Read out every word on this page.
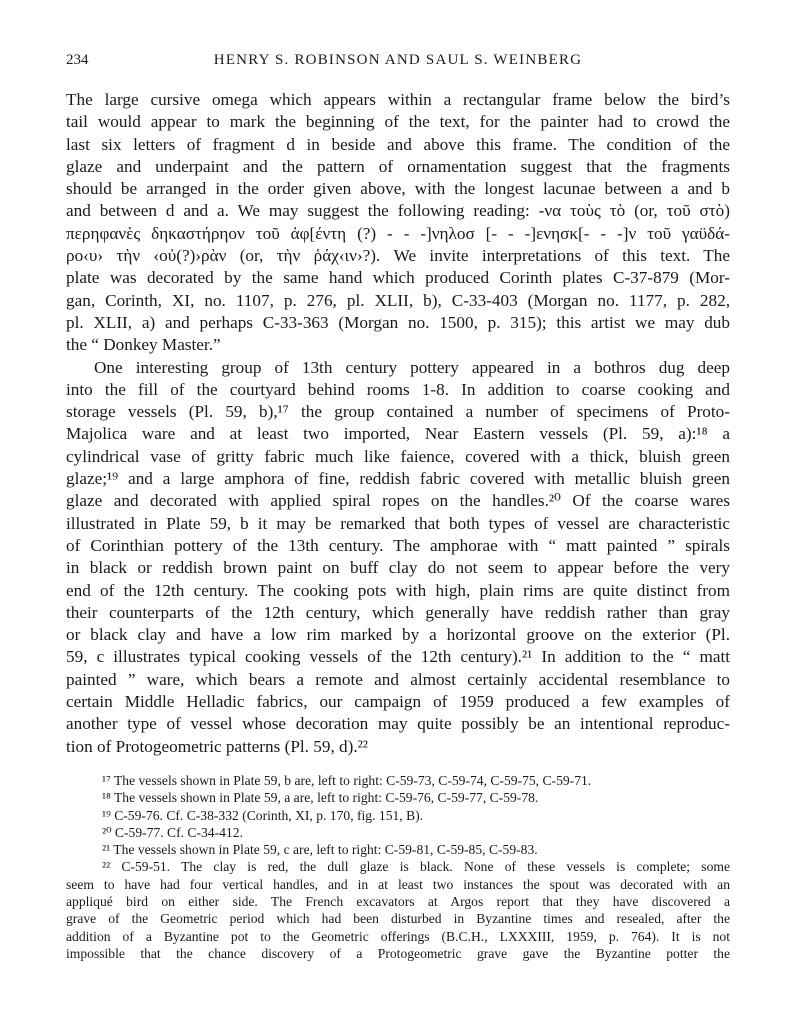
234	HENRY S. ROBINSON AND SAUL S. WEINBERG
The large cursive omega which appears within a rectangular frame below the bird’s
tail would appear to mark the beginning of the text, for the painter had to crowd the
last six letters of fragment d in beside and above this frame. The condition of the
glaze and underpaint and the pattern of ornamentation suggest that the fragments
should be arranged in the order given above, with the longest lacunae between a and b
and between d and a. We may suggest the following reading: -να τοὺς τὸ (or, τοῦ στὸ)
περηφανὲς δηκαστήρηον τοῦ ἀφ[έντη (?) - - -]νηλοσ [- - -]ενησκ[- - -]ν τοῦ γαϋδά-
ρο‹υ› τὴν ‹οὐ(?)›ρὰν (or, τὴν ῥάχ‹ιν›?). We invite interpretations of this text. The
plate was decorated by the same hand which produced Corinth plates C-37-879 (Mor-
gan, Corinth, XI, no. 1107, p. 276, pl. XLII, b), C-33-403 (Morgan no. 1177, p. 282,
pl. XLII, a) and perhaps C-33-363 (Morgan no. 1500, p. 315); this artist we may dub
the “ Donkey Master.”
One interesting group of 13th century pottery appeared in a bothros dug deep
into the fill of the courtyard behind rooms 1-8. In addition to coarse cooking and
storage vessels (Pl. 59, b),¹⁷ the group contained a number of specimens of Proto-
Majolica ware and at least two imported, Near Eastern vessels (Pl. 59, a):¹⁸ a
cylindrical vase of gritty fabric much like faience, covered with a thick, bluish green
glaze;¹⁹ and a large amphora of fine, reddish fabric covered with metallic bluish green
glaze and decorated with applied spiral ropes on the handles.²⁰ Of the coarse wares
illustrated in Plate 59, b it may be remarked that both types of vessel are characteristic
of Corinthian pottery of the 13th century. The amphorae with “ matt painted ” spirals
in black or reddish brown paint on buff clay do not seem to appear before the very
end of the 12th century. The cooking pots with high, plain rims are quite distinct from
their counterparts of the 12th century, which generally have reddish rather than gray
or black clay and have a low rim marked by a horizontal groove on the exterior (Pl.
59, c illustrates typical cooking vessels of the 12th century).²¹ In addition to the “ matt
painted ” ware, which bears a remote and almost certainly accidental resemblance to
certain Middle Helladic fabrics, our campaign of 1959 produced a few examples of
another type of vessel whose decoration may quite possibly be an intentional reproduc-
tion of Protogeometric patterns (Pl. 59, d).²²
¹⁷ The vessels shown in Plate 59, b are, left to right: C-59-73, C-59-74, C-59-75, C-59-71.
¹⁸ The vessels shown in Plate 59, a are, left to right: C-59-76, C-59-77, C-59-78.
¹⁹ C-59-76. Cf. C-38-332 (Corinth, XI, p. 170, fig. 151, B).
²⁰ C-59-77. Cf. C-34-412.
²¹ The vessels shown in Plate 59, c are, left to right: C-59-81, C-59-85, C-59-83.
²² C-59-51. The clay is red, the dull glaze is black. None of these vessels is complete; some
seem to have had four vertical handles, and in at least two instances the spout was decorated with an
appliqué bird on either side. The French excavators at Argos report that they have discovered a
grave of the Geometric period which had been disturbed in Byzantine times and resealed, after the
addition of a Byzantine pot to the Geometric offerings (B.C.H., LXXXIII, 1959, p. 764). It is not
impossible that the chance discovery of a Protogeometric grave gave the Byzantine potter the
